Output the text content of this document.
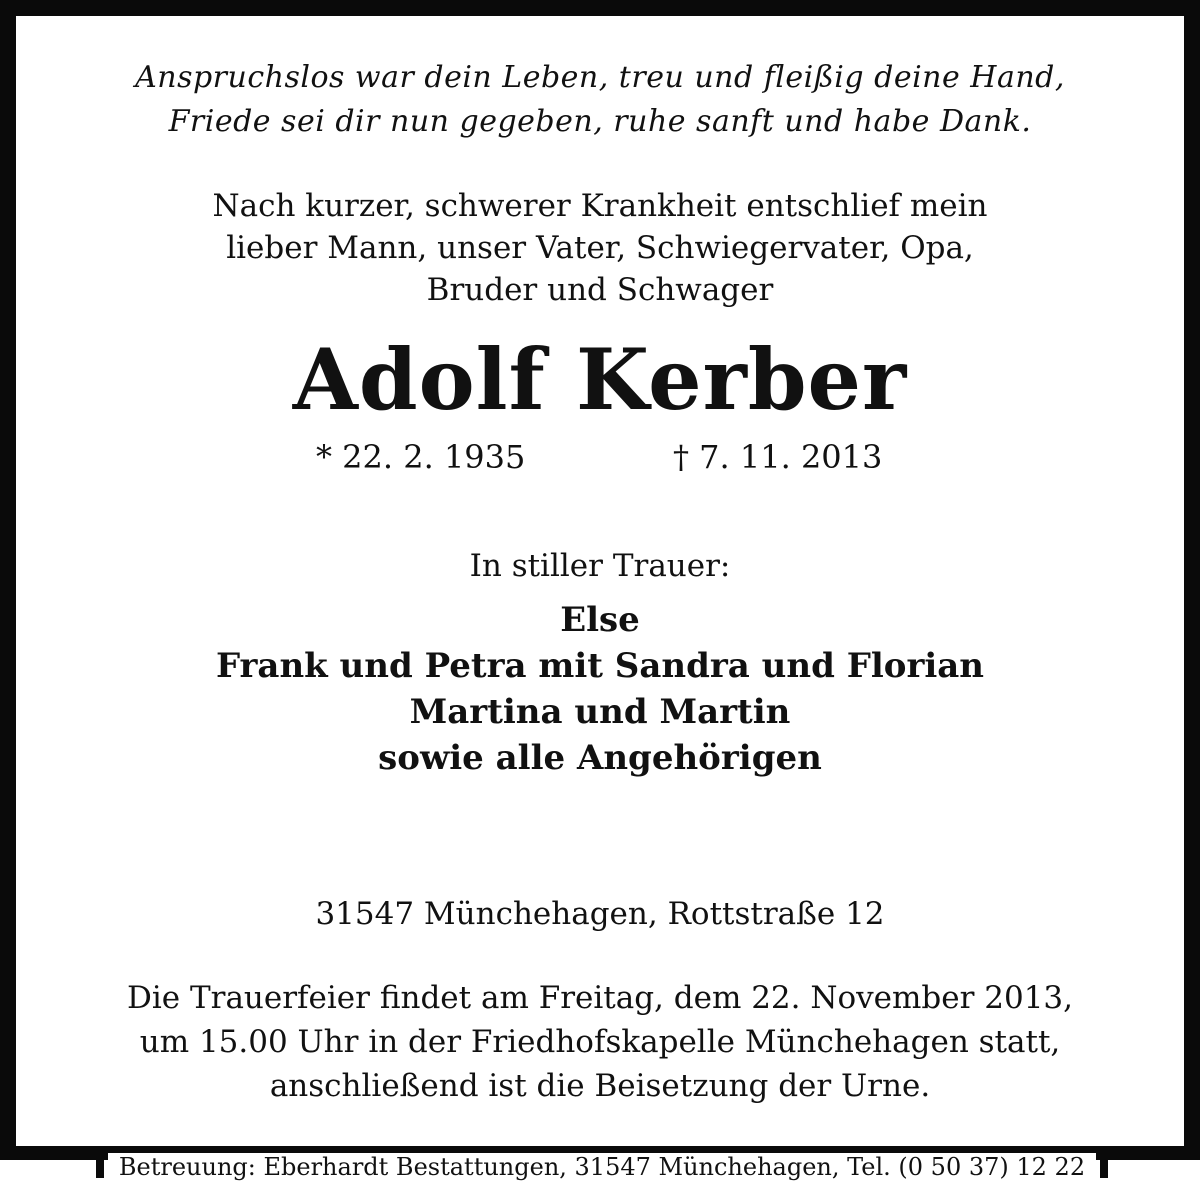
Anspruchslos war dein Leben, treu und fleißig deine Hand,
Friede sei dir nun gegeben, ruhe sanft und habe Dank.
Nach kurzer, schwerer Krankheit entschlief mein
lieber Mann, unser Vater, Schwiegervater, Opa,
Bruder und Schwager
Adolf Kerber
* 22. 2. 1935	† 7. 11. 2013
In stiller Trauer:
Else
Frank und Petra mit Sandra und Florian
Martina und Martin
sowie alle Angehörigen
31547 Münchehagen, Rottstraße 12
Die Trauerfeier findet am Freitag, dem 22. November 2013,
um 15.00 Uhr in der Friedhofskapelle Münchehagen statt,
anschließend ist die Beisetzung der Urne.
Betreuung: Eberhardt Bestattungen, 31547 Münchehagen, Tel. (0 50 37) 12 22
